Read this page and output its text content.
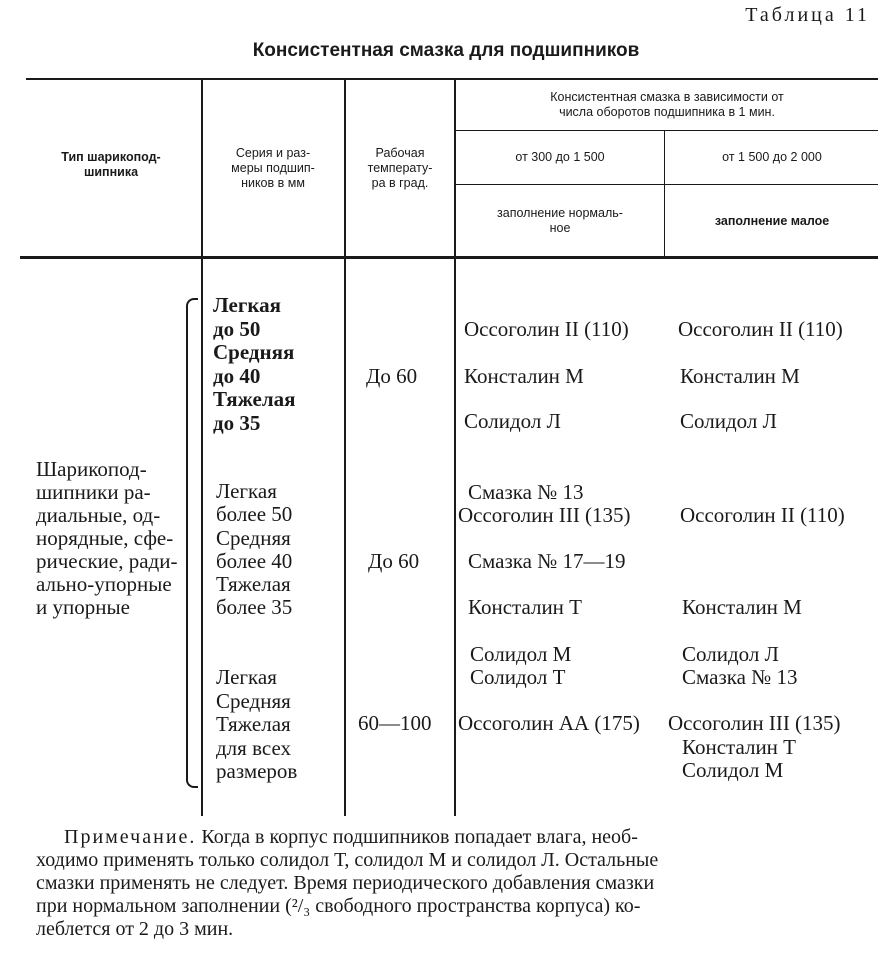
Таблица 11
Консистентная смазка для подшипников
Тип шарикопод-
шипника
Серия и раз-
меры подшип-
ников в мм
Рабочая
температу-
ра в град.
Консистентная смазка в зависимости от
числа оборотов подшипника в 1 мин.
от 300 до 1 500	от 1 500 до 2 000
заполнение нормаль-
ное	заполнение малое
Шарикопод-
шипники ра-
диальные, од-
норядные, сфе-
рические, ради-
ально-упорные
и упорные
Легкая
до 50
Средняя
до 40
Тяжелая
до 35
До 60
Оссоголин II (110)
Консталин М
Солидол Л
Оссоголин II (110)
Консталин М
Солидол Л
Легкая
более 50
Средняя
более 40
Тяжелая
более 35
До 60
Смазка № 13
Оссоголин III (135)
Смазка № 17—19
Консталин Т
Оссоголин II (110)
Консталин М
Легкая
Средняя
Тяжелая
для всех
размеров
60—100
Солидол М
Солидол Т
Оссоголин АА (175)
Солидол Л
Смазка № 13
Оссоголин III (135)
Консталин Т
Солидол М
Примечание. Когда в корпус подшипников попадает влага, необ-
ходимо применять только солидол Т, солидол М и солидол Л. Остальные
смазки применять не следует. Время периодического добавления смазки
при нормальном заполнении (²/₃ свободного пространства корпуса) ко-
леблется от 2 до 3 мин.
